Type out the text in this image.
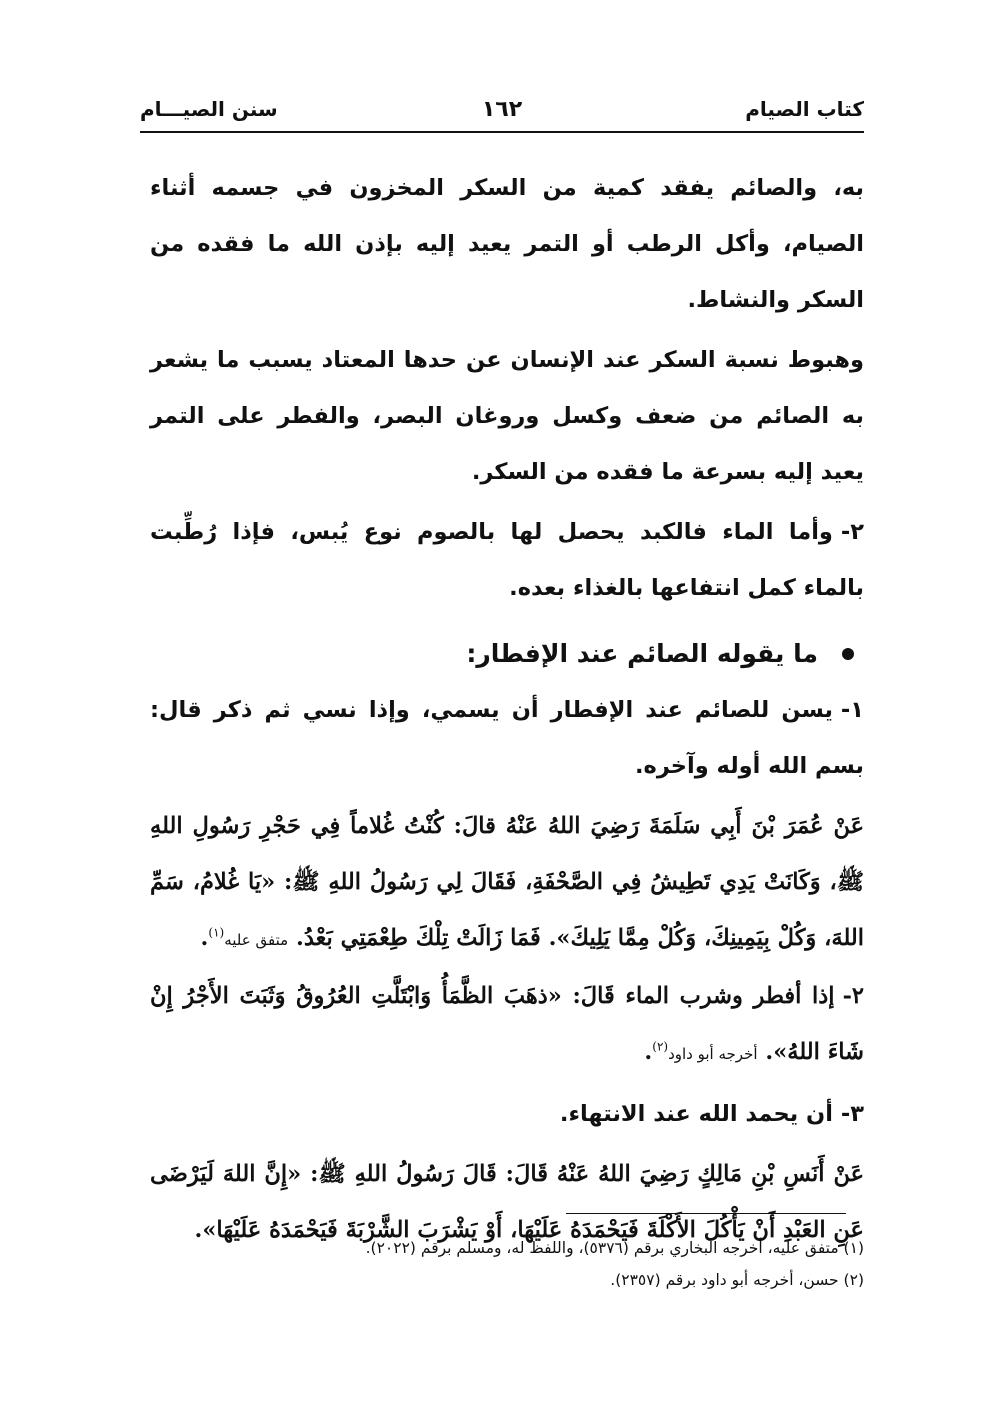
كتاب الصيام
١٦٢
سنن الصيـــام

به، والصائم يفقد كمية من السكر المخزون في جسمه أثناء الصيام، وأكل الرطب أو التمر يعيد إليه بإذن الله ما فقده من السكر والنشاط.

وهبوط نسبة السكر عند الإنسان عن حدها المعتاد يسبب ما يشعر به الصائم من ضعف وكسل وروغان البصر، والفطر على التمر يعيد إليه بسرعة ما فقده من السكر.

٢-وأما الماء فالكبد يحصل لها بالصوم نوع يُبس، فإذا رُطِّبت بالماء كمل انتفاعها بالغذاء بعده.

ما يقوله الصائم عند الإفطار:

١-يسن للصائم عند الإفطار أن يسمي، وإذا نسي ثم ذكر قال: بسم الله أوله وآخره.

عَنْ عُمَرَ بْنَ أَبِي سَلَمَةَ رَضِيَ اللهُ عَنْهُ قالَ: كُنْتُ غُلاماً فِي حَجْرِ رَسُولِ اللهِ ﷺ، وَكَانَتْ يَدِي تَطِيشُ فِي الصَّحْفَةِ، فَقَالَ لِي رَسُولُ اللهِ ﷺ: «يَا غُلامُ، سَمِّ اللهَ، وَكُلْ بِيَمِينِكَ، وَكُلْ مِمَّا يَلِيكَ». فَمَا زَالَتْ تِلْكَ طِعْمَتِي بَعْدُ. متفق عليه$^{(١)}$.

٢-إذا أفطر وشرب الماء قَالَ: «ذهَبَ الظَّمَأُ وَابْتَلَّتِ العُرُوقُ وَثَبَتَ الأَجْرُ إِنْ شَاءَ اللهُ». أخرجه أبو داود$^{(٢)}$.

٣-أن يحمد الله عند الانتهاء.

عَنْ أَنَسِ بْنِ مَالِكٍ رَضِيَ اللهُ عَنْهُ قَالَ: قَالَ رَسُولُ اللهِ ﷺ: «إِنَّ اللهَ لَيَرْضَى عَنِ العَبْدِ أَنْ يَأْكُلَ الأَكْلَةَ فَيَحْمَدَهُ عَلَيْهَا، أَوْ يَشْرَبَ الشَّرْبَةَ فَيَحْمَدَهُ عَلَيْهَا».

(١) متفق عليه، أخرجه البخاري برقم (٥٣٧٦)، واللفظ له، ومسلم برقم (٢٠٢٢).

(٢) حسن، أخرجه أبو داود برقم (٢٣٥٧).
